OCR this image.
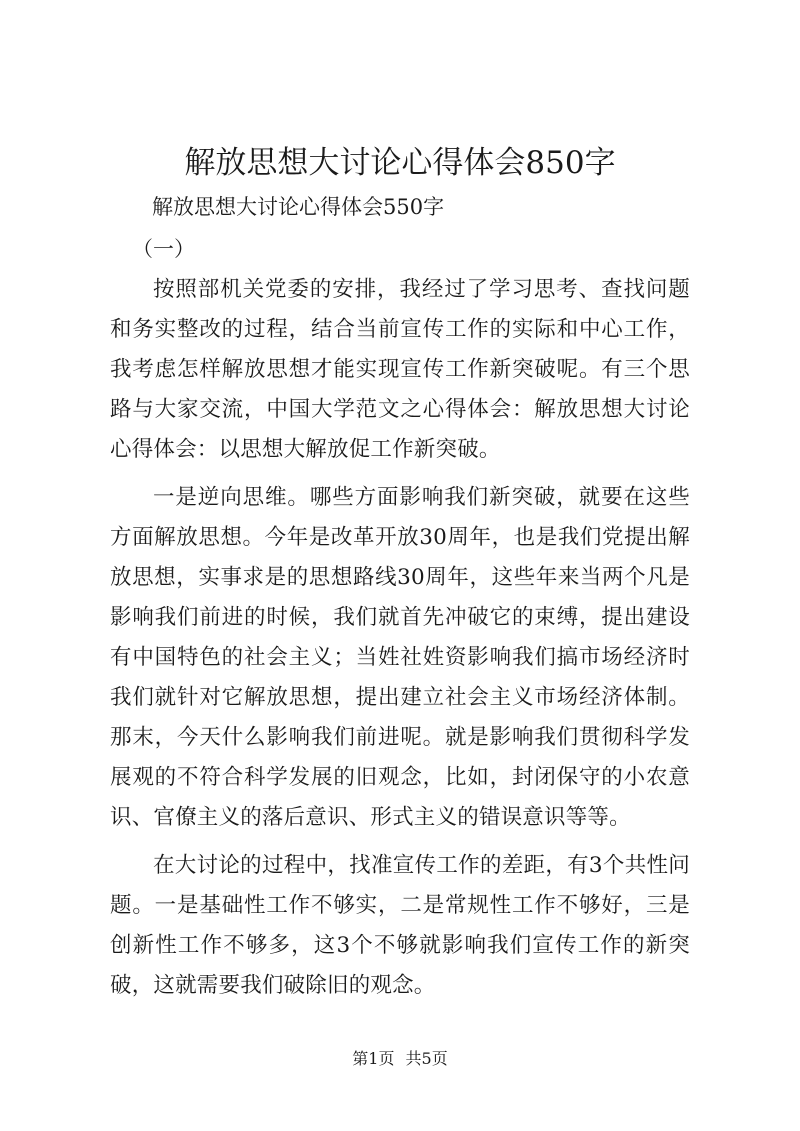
解放思想大讨论心得体会850字
解放思想大讨论心得体会550字
（一）

按照部机关党委的安排，我经过了学习思考、查找问题和务实整改的过程，结合当前宣传工作的实际和中心工作，我考虑怎样解放思想才能实现宣传工作新突破呢。有三个思路与大家交流，中国大学范文之心得体会：解放思想大讨论心得体会：以思想大解放促工作新突破。

一是逆向思维。哪些方面影响我们新突破，就要在这些方面解放思想。今年是改革开放30周年，也是我们党提出解放思想，实事求是的思想路线30周年，这些年来当两个凡是影响我们前进的时候，我们就首先冲破它的束缚，提出建设有中国特色的社会主义；当姓社姓资影响我们搞市场经济时我们就针对它解放思想，提出建立社会主义市场经济体制。那末，今天什么影响我们前进呢。就是影响我们贯彻科学发展观的不符合科学发展的旧观念，比如，封闭保守的小农意识、官僚主义的落后意识、形式主义的错误意识等等。

在大讨论的过程中，找准宣传工作的差距，有3个共性问题。一是基础性工作不够实，二是常规性工作不够好，三是创新性工作不够多，这3个不够就影响我们宣传工作的新突破，这就需要我们破除旧的观念。

第1页 共5页
